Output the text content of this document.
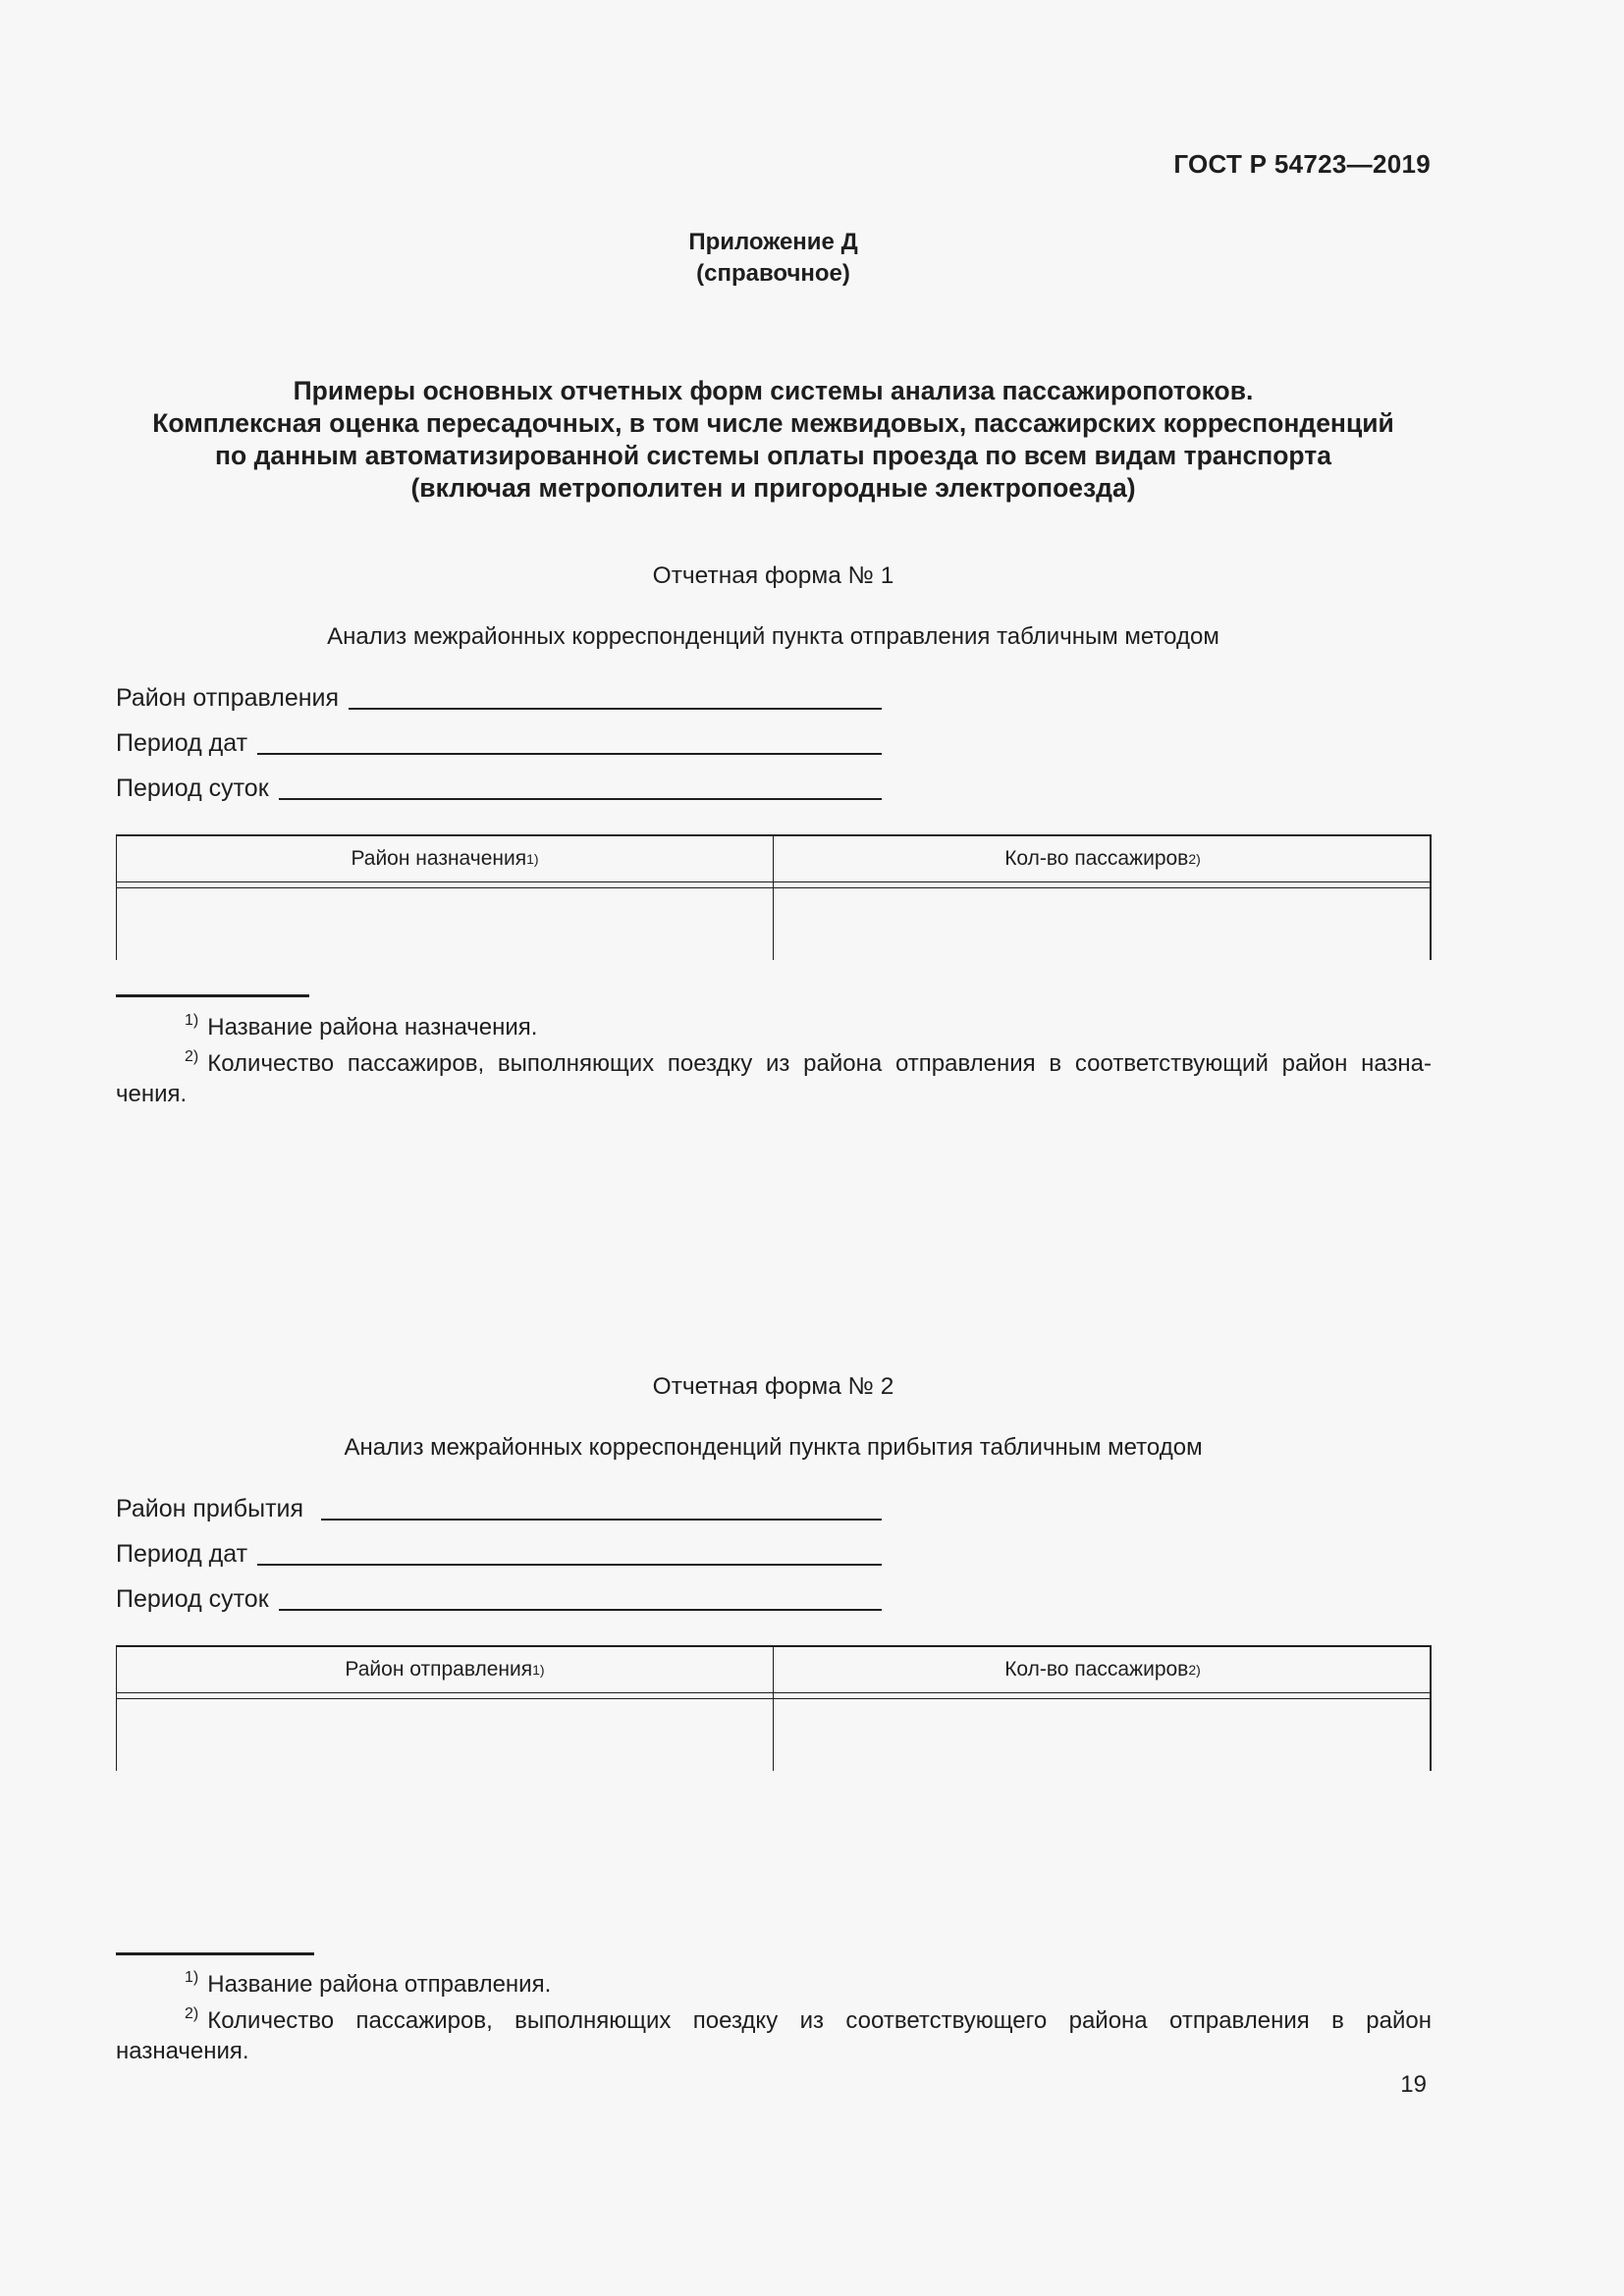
ГОСТ Р 54723—2019
Приложение Д
(справочное)
Примеры основных отчетных форм системы анализа пассажиропотоков.
Комплексная оценка пересадочных, в том числе межвидовых, пассажирских корреспонденций
по данным автоматизированной системы оплаты проезда по всем видам транспорта
(включая метрополитен и пригородные электропоезда)
Отчетная форма № 1
Анализ межрайонных корреспонденций пункта отправления табличным методом
Район отправления
Период дат
Период суток
Район назначения 1)	Кол-во пассажиров 2)
$^{1)}$ Название района назначения.
$^{2)}$ Количество пассажиров, выполняющих поездку из района отправления в соответствующий район назна-чения.
Отчетная форма № 2
Анализ межрайонных корреспонденций пункта прибытия табличным методом
Район прибытия
Период дат
Период суток
Район отправления 1)	Кол-во пассажиров 2)
$^{1)}$ Название района отправления.
$^{2)}$ Количество пассажиров, выполняющих поездку из соответствующего района отправления в район назначения.
19
